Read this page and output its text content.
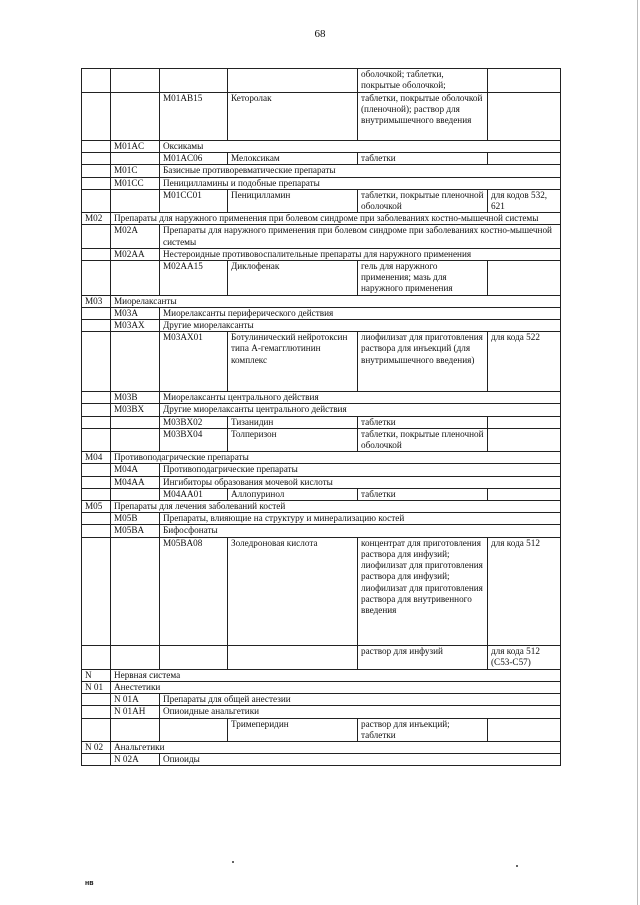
68
				оболочкой; таблетки, покрытые оболочкой;	
		M01AB15	Кеторолак	таблетки, покрытые оболочкой (пленочной); раствор для внутримышечного введения	
	M01AC	Оксикамы			
		M01AC06	Мелоксикам	таблетки	
	M01C	Базисные противоревматические препараты			
	M01CC	Пеницилламины и подобные препараты			
		M01CC01	Пеницилламин	таблетки, покрытые пленочной оболочкой	для кодов 532, 621
M02	Препараты для наружного применения при болевом синдроме при заболеваниях костно-мышечной системы				
	M02A	Препараты для наружного применения при болевом синдроме при заболеваниях костно-мышечной системы			
	M02AA	Нестероидные противовоспалительные препараты для наружного применения			
		M02AA15	Диклофенак	гель для наружного применения; мазь для наружного применения	
M03	Миорелаксанты				
	M03A	Миорелаксанты периферического действия			
	M03AX	Другие миорелаксанты			
		M03AX01	Ботулинический нейротоксин типа А-гемагглютинин комплекс	лиофилизат для приготовления раствора для инъекций (для внутримышечного введения)	для кода 522
	M03B	Миорелаксанты центрального действия			
	M03BX	Другие миорелаксанты центрального действия			
		M03BX02	Тизанидин	таблетки	
		M03BX04	Толперизон	таблетки, покрытые пленочной оболочкой	
M04	Противоподагрические препараты				
	M04A	Противоподагрические препараты			
	M04AA	Ингибиторы образования мочевой кислоты			
		M04AA01	Аллопуринол	таблетки	
M05	Препараты для лечения заболеваний костей				
	M05B	Препараты, влияющие на структуру и минерализацию костей			
	M05BA	Бифосфонаты			
		M05BA08	Золедроновая кислота	концентрат для приготовления раствора для инфузий; лиофилизат для приготовления раствора для инфузий; лиофилизат для приготовления раствора для внутривенного введения	для кода 512
				раствор для инфузий	для кода 512 (C53-C57)
N	Нервная система				
N 01	Анестетики				
	N 01A	Препараты для общей анестезии			
	N 01AH	Опиоидные анальгетики			
			Тримеперидин	раствор для инъекций; таблетки	
N 02	Анальгетики				
	N 02A	Опиоиды			
нв
